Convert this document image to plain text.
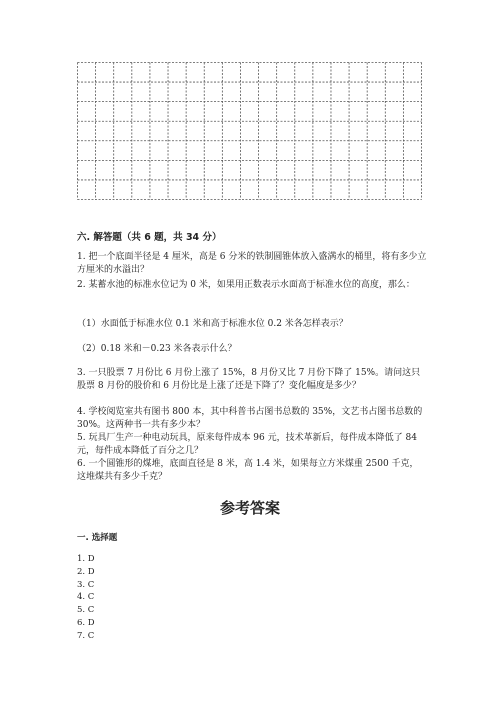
六. 解答题（共 6 题，共 34 分）
1. 把一个底面半径是 4 厘米，高是 6 分米的铁制圆锥体放入盛满水的桶里，将有多少立方厘米的水溢出？
2. 某蓄水池的标准水位记为 0 米，如果用正数表示水面高于标准水位的高度，那么：
（1）水面低于标准水位 0.1 米和高于标准水位 0.2 米各怎样表示？
（2）0.18 米和－0.23 米各表示什么？
3. 一只股票 7 月份比 6 月份上涨了 15%，8 月份又比 7 月份下降了 15%。请问这只股票 8 月份的股价和 6 月份比是上涨了还是下降了？变化幅度是多少？
4. 学校阅览室共有图书 800 本，其中科普书占图书总数的 35%，文艺书占图书总数的 30%。这两种书一共有多少本？
5. 玩具厂生产一种电动玩具，原来每件成本 96 元，技术革新后，每件成本降低了 84 元，每件成本降低了百分之几？
6. 一个圆锥形的煤堆，底面直径是 8 米，高 1.4 米，如果每立方米煤重 2500 千克，这堆煤共有多少千克？
参考答案
一. 选择题
1. D
2. D
3. C
4. C
5. C
6. D
7. C
